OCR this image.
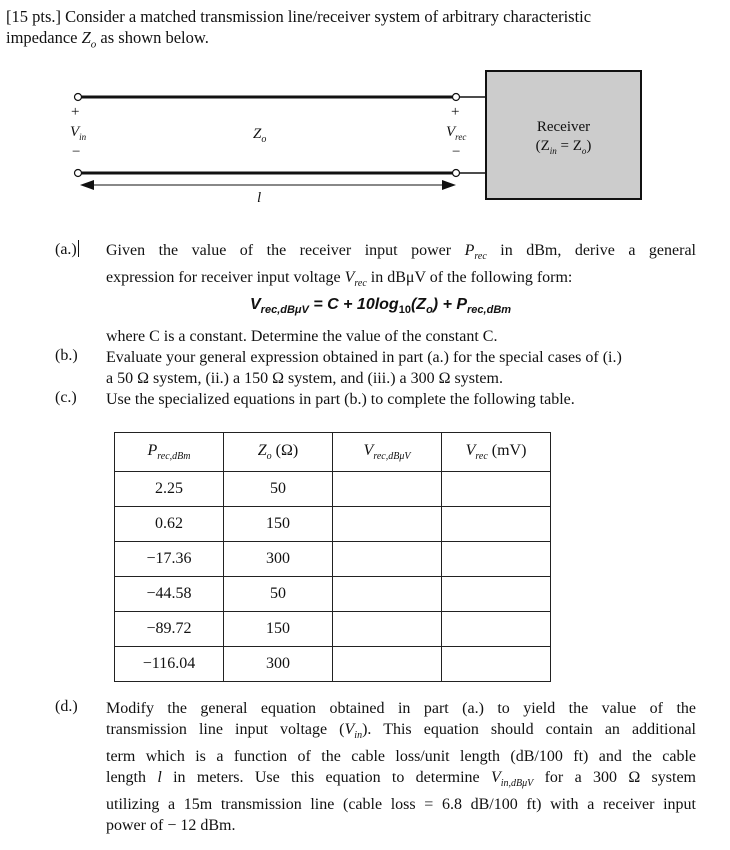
[15 pts.] Consider a matched transmission line/receiver system of arbitrary characteristic
impedance $Z_o$ as shown below.
+
$V_{in}$
−
$Z_o$
+
$V_{rec}$
−
l
Receiver
$(Z_{in} = Z_o)$
(a.)	Given the value of the receiver input power $P_{rec}$ in dBm, derive a general
expression for receiver input voltage $V_{rec}$ in dBμV of the following form:
$V_{rec,dB\mu V} = C + 10\log_{10}(Z_o) + P_{rec,dBm}$
where C is a constant. Determine the value of the constant C.
(b.)	Evaluate your general expression obtained in part (a.) for the special cases of (i.)
a 50 Ω system, (ii.) a 150 Ω system, and (iii.) a 300 Ω system.
(c.)	Use the specialized equations in part (b.) to complete the following table.
$P_{rec,dBm}$	$Z_o$ (Ω)	$V_{rec,dB\mu V}$	$V_{rec}$ (mV)
2.25	50		
0.62	150		
−17.36	300		
−44.58	50		
−89.72	150		
−116.04	300		
(d.)	Modify the general equation obtained in part (a.) to yield the value of the
transmission line input voltage $(V_{in})$. This equation should contain an additional
term which is a function of the cable loss/unit length (dB/100 ft) and the cable
length l in meters. Use this equation to determine $V_{in,dB\mu V}$ for a 300 Ω system
utilizing a 15m transmission line (cable loss = 6.8 dB/100 ft) with a receiver input
power of − 12 dBm.
